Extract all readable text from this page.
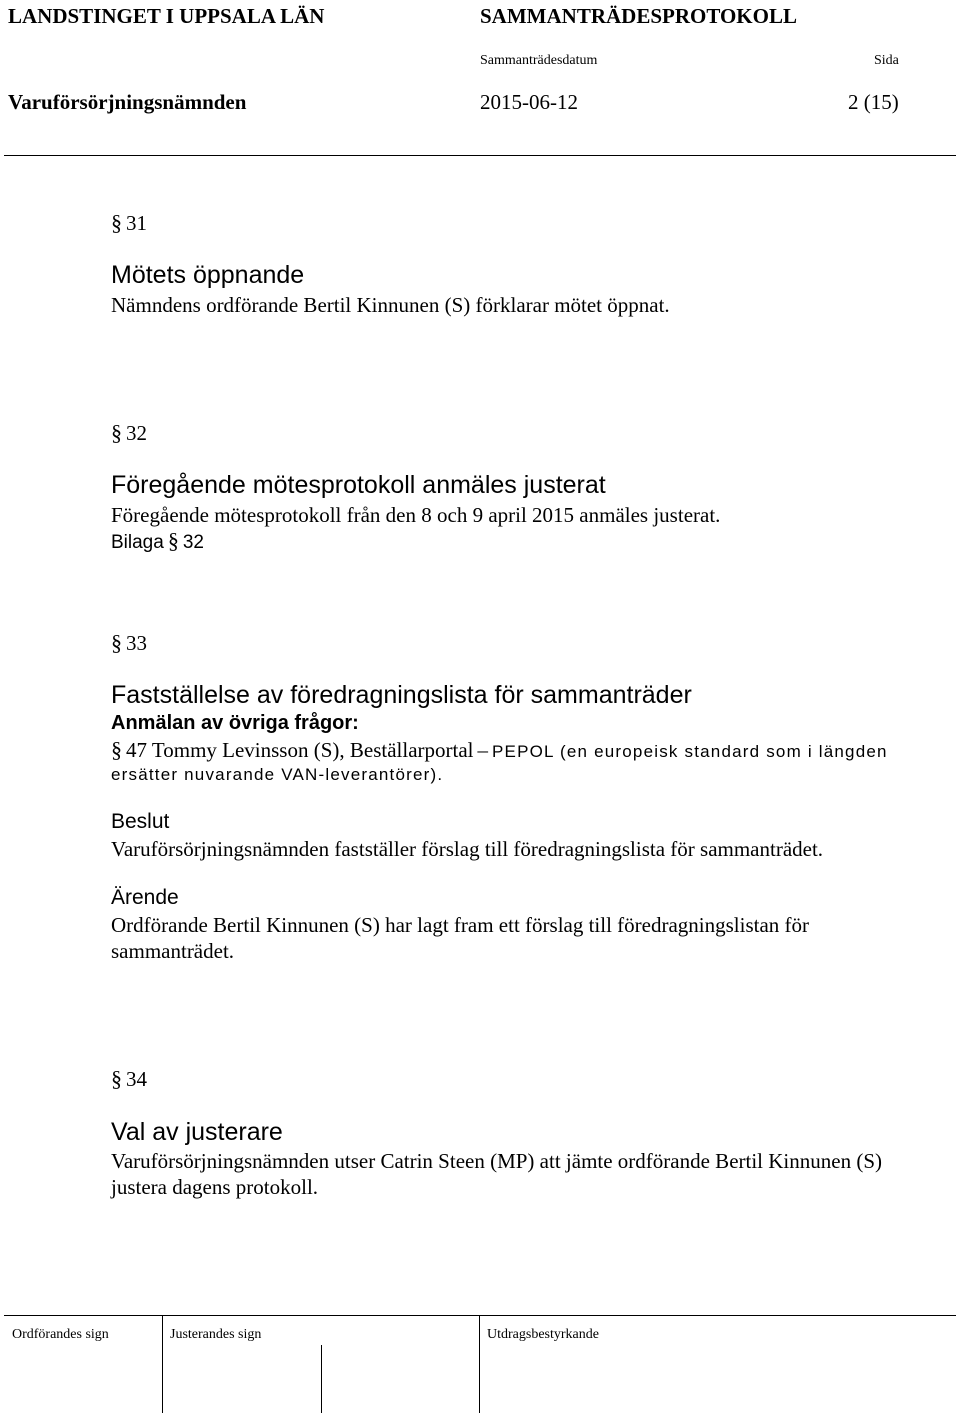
LANDSTINGET I UPPSALA LÄN	SAMMANTRÄDESPROTOKOLL
Sammanträdesdatum	Sida
Varuförsörjningsnämnden	2015-06-12	2 (15)
§ 31
Mötets öppnande
Nämndens ordförande Bertil Kinnunen (S) förklarar mötet öppnat.
§ 32
Föregående mötesprotokoll anmäles justerat
Föregående mötesprotokoll från den 8 och 9 april 2015 anmäles justerat.
Bilaga § 32
§ 33
Fastställelse av föredragningslista för sammanträder
Anmälan av övriga frågor:
§ 47 Tommy Levinsson (S), Beställarportal – PEPOL (en europeisk standard som i längden
ersätter nuvarande VAN-leverantörer).
Beslut
Varuförsörjningsnämnden fastställer förslag till föredragningslista för sammanträdet.
Ärende
Ordförande Bertil Kinnunen (S) har lagt fram ett förslag till föredragningslistan för
sammanträdet.
§ 34
Val av justerare
Varuförsörjningsnämnden utser Catrin Steen (MP) att jämte ordförande Bertil Kinnunen (S)
justera dagens protokoll.
Ordförandes sign	Justerandes sign	Utdragsbestyrkande
